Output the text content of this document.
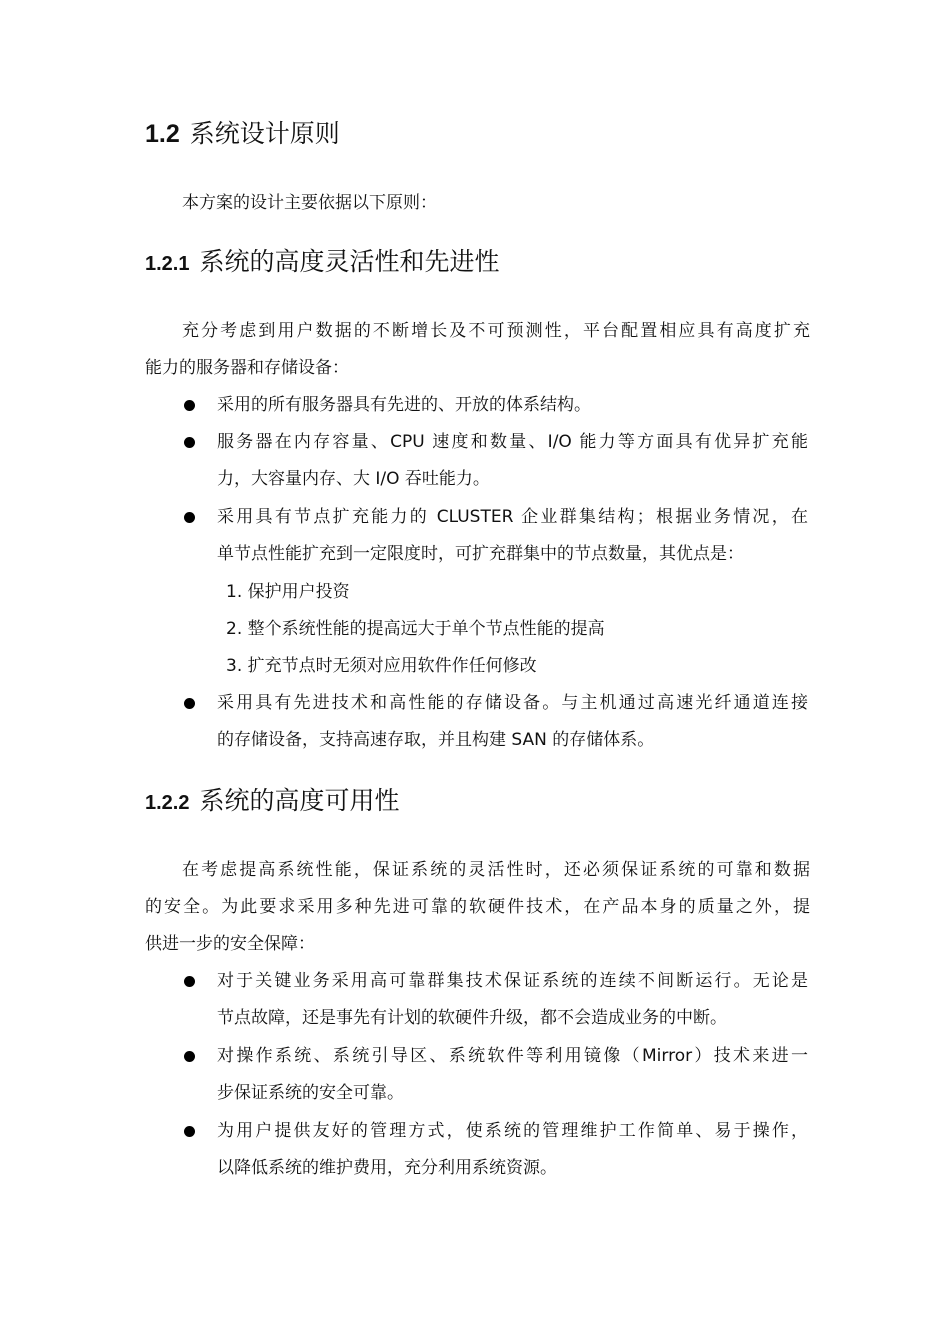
1.2 系统设计原则
本方案的设计主要依据以下原则：
1.2.1 系统的高度灵活性和先进性
充分考虑到用户数据的不断增长及不可预测性，平台配置相应具有高度扩充
能力的服务器和存储设备：
采用的所有服务器具有先进的、开放的体系结构。
服务器在内存容量、CPU 速度和数量、I/O 能力等方面具有优异扩充能
力，大容量内存、大 I/O 吞吐能力。
采用具有节点扩充能力的 CLUSTER 企业群集结构；根据业务情况，在
单节点性能扩充到一定限度时，可扩充群集中的节点数量，其优点是：
1. 保护用户投资
2. 整个系统性能的提高远大于单个节点性能的提高
3. 扩充节点时无须对应用软件作任何修改
采用具有先进技术和高性能的存储设备。与主机通过高速光纤通道连接
的存储设备，支持高速存取，并且构建 SAN 的存储体系。
1.2.2 系统的高度可用性
在考虑提高系统性能，保证系统的灵活性时，还必须保证系统的可靠和数据
的安全。为此要求采用多种先进可靠的软硬件技术，在产品本身的质量之外，提
供进一步的安全保障：
对于关键业务采用高可靠群集技术保证系统的连续不间断运行。无论是
节点故障，还是事先有计划的软硬件升级，都不会造成业务的中断。
对操作系统、系统引导区、系统软件等利用镜像（Mirror）技术来进一
步保证系统的安全可靠。
为用户提供友好的管理方式，使系统的管理维护工作简单、易于操作，
以降低系统的维护费用，充分利用系统资源。
